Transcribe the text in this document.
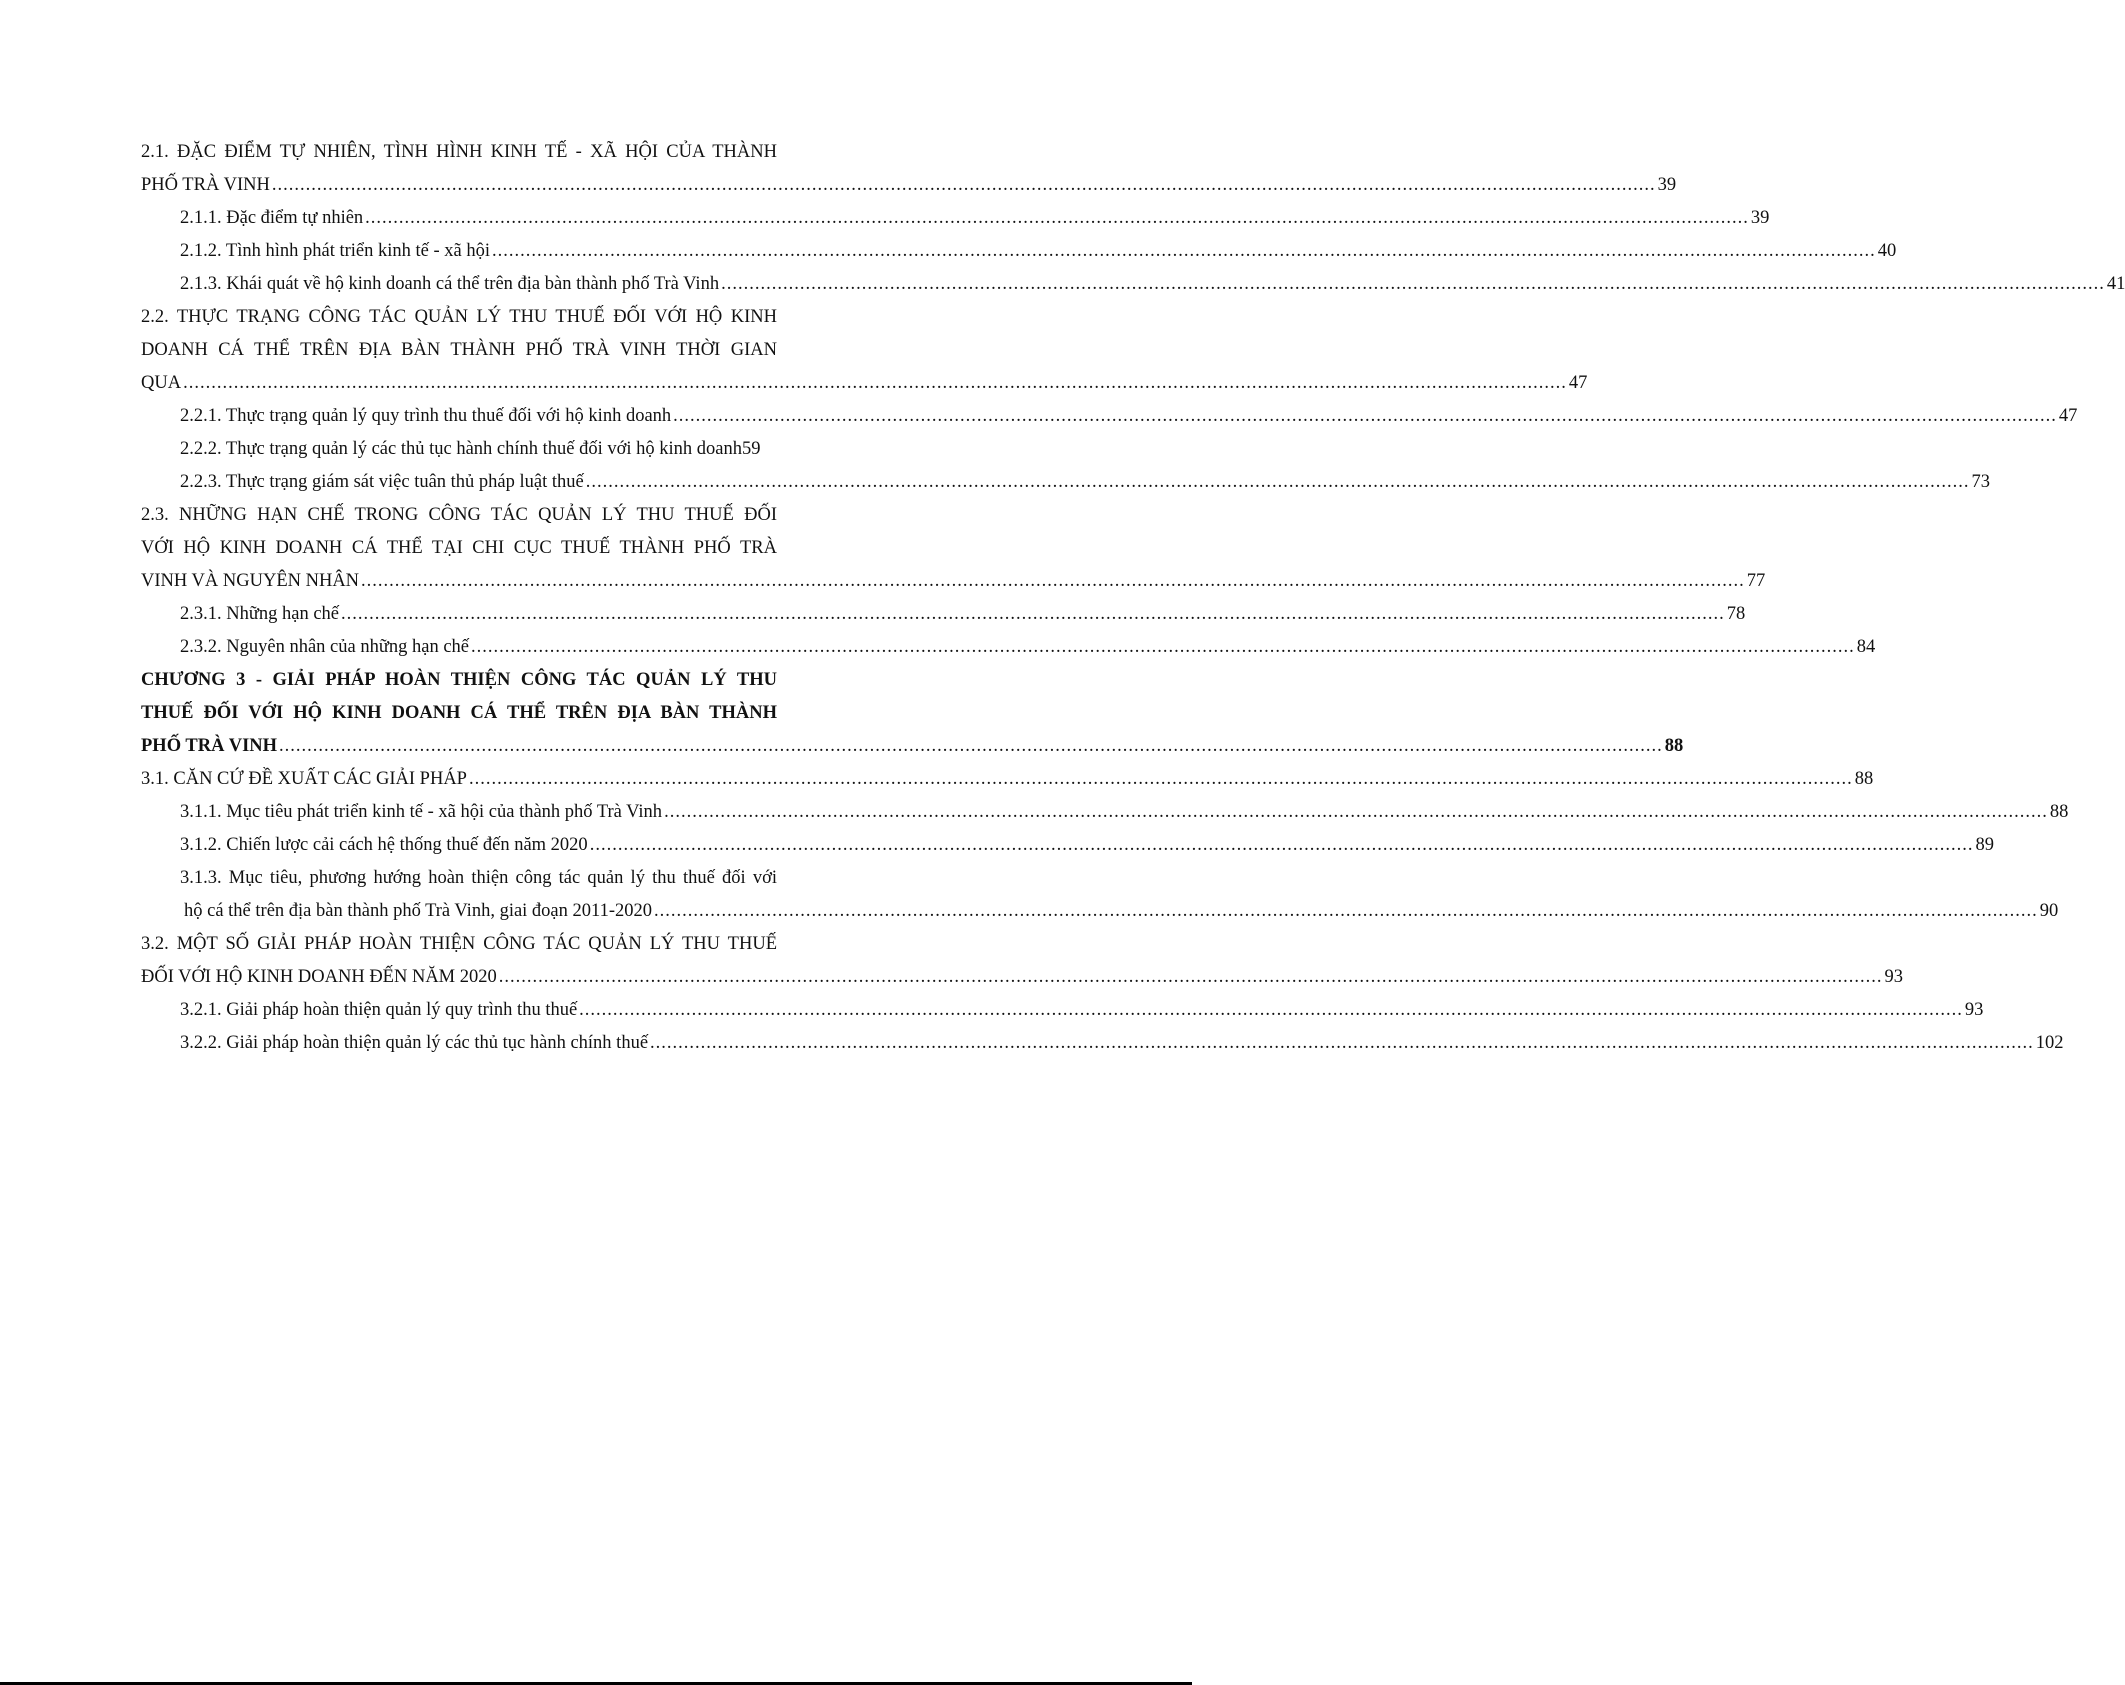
2.1. ĐẶC ĐIỂM TỰ NHIÊN, TÌNH HÌNH KINH TẾ - XÃ HỘI CỦA THÀNH
PHỐ TRÀ VINH .....	39
2.1.1. Đặc điểm tự nhiên .....	39
2.1.2. Tình hình phát triển kinh tế - xã hội .....	40
2.1.3. Khái quát về hộ kinh doanh cá thể trên địa bàn thành phố Trà Vinh .....	41
2.2. THỰC TRẠNG CÔNG TÁC QUẢN LÝ THU THUẾ ĐỐI VỚI HỘ KINH
DOANH CÁ THỂ TRÊN ĐỊA BÀN THÀNH PHỐ TRÀ VINH THỜI GIAN
QUA .....	47
2.2.1. Thực trạng quản lý quy trình thu thuế đối với hộ kinh doanh .....	47
2.2.2. Thực trạng quản lý các thủ tục hành chính thuế đối với hộ kinh doanh 59
2.2.3. Thực trạng giám sát việc tuân thủ pháp luật thuế .....	73
2.3. NHỮNG HẠN CHẾ TRONG CÔNG TÁC QUẢN LÝ THU THUẾ ĐỐI
VỚI HỘ KINH DOANH CÁ THỂ TẠI CHI CỤC THUẾ THÀNH PHỐ TRÀ
VINH VÀ NGUYÊN NHÂN .....	77
2.3.1. Những hạn chế .....	78
2.3.2. Nguyên nhân của những hạn chế .....	84
CHƯƠNG 3 - GIẢI PHÁP HOÀN THIỆN CÔNG TÁC QUẢN LÝ THU
THUẾ ĐỐI VỚI HỘ KINH DOANH CÁ THỂ TRÊN ĐỊA BÀN THÀNH
PHỐ TRÀ VINH .....	88
3.1. CĂN CỨ ĐỀ XUẤT CÁC GIẢI PHÁP .....	88
3.1.1. Mục tiêu phát triển kinh tế - xã hội của thành phố Trà Vinh .....	88
3.1.2. Chiến lược cải cách hệ thống thuế đến năm 2020 .....	89
3.1.3. Mục tiêu, phương hướng hoàn thiện công tác quản lý thu thuế đối với
hộ cá thể trên địa bàn thành phố Trà Vinh, giai đoạn 2011-2020 .....	90
3.2. MỘT SỐ GIẢI PHÁP HOÀN THIỆN CÔNG TÁC QUẢN LÝ THU THUẾ
ĐỐI VỚI HỘ KINH DOANH ĐẾN NĂM 2020 .....	93
3.2.1. Giải pháp hoàn thiện quản lý quy trình thu thuế .....	93
3.2.2. Giải pháp hoàn thiện quản lý các thủ tục hành chính thuế .....	102
